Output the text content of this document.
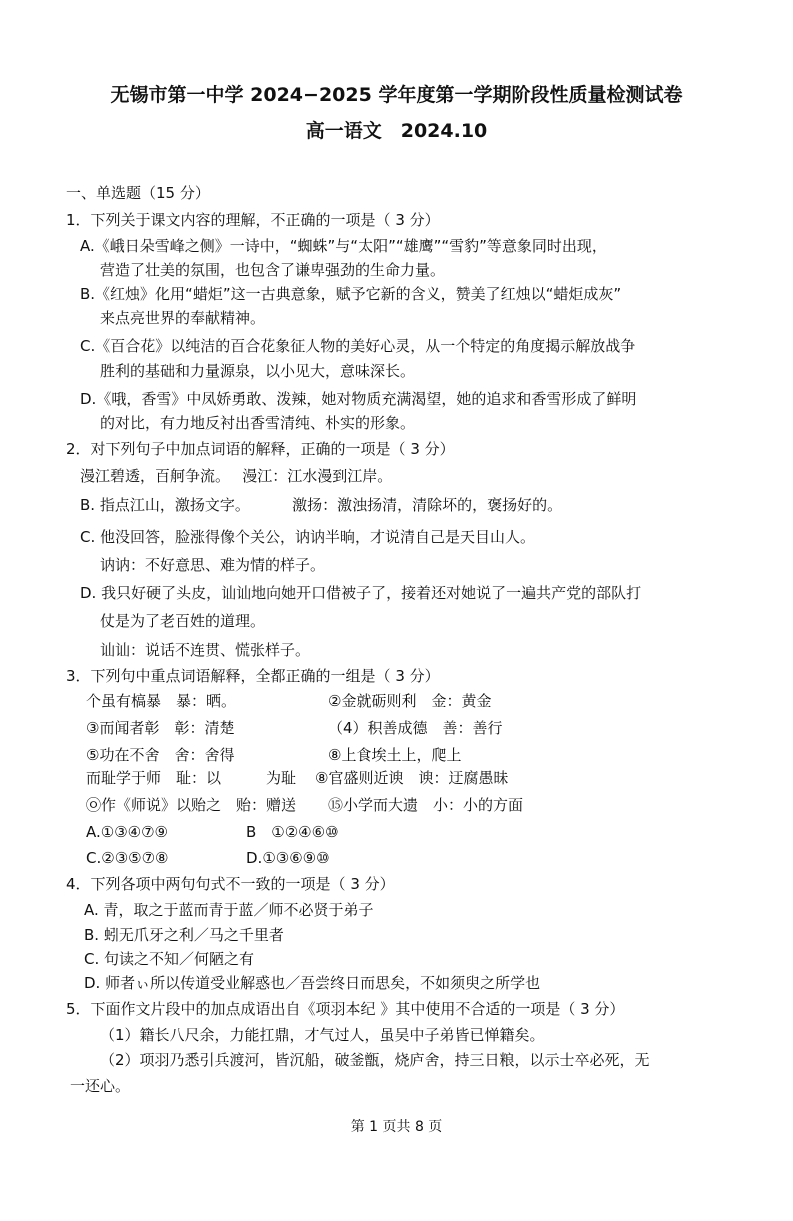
无锡市第一中学 2024−2025 学年度第一学期阶段性质量检测试卷
高一语文　2024.10
一、单选题（15 分）
1．下列关于课文内容的理解，不正确的一项是（ 3 分）
A.《峨日朵雪峰之侧》一诗中，“蜘蛛”与“太阳”“雄鹰”“雪豹”等意象同时出现，
营造了壮美的氛围，也包含了谦卑强劲的生命力量。
B.《红烛》化用“蜡炬”这一古典意象，赋予它新的含义，赞美了红烛以“蜡炬成灰”
来点亮世界的奉献精神。
C.《百合花》以纯洁的百合花象征人物的美好心灵，从一个特定的角度揭示解放战争
胜利的基础和力量源泉，以小见大，意味深长。
D.《哦，香雪》中凤娇勇敢、泼辣，她对物质充满渴望，她的追求和香雪形成了鲜明
的对比，有力地反衬出香雪清纯、朴实的形象。
2．对下列句子中加点词语的解释，正确的一项是（ 3 分）
漫江碧透，百舸争流。　 漫江：江水漫到江岸。
B. 指点江山，激扬文字。　　　 激扬：激浊扬清，清除坏的，褒扬好的。
C. 他没回答，脸涨得像个关公，讷讷半晌，才说清自己是天目山人。
讷讷：不好意思、难为情的样子。
D. 我只好硬了头皮，讪讪地向她开口借被子了，接着还对她说了一遍共产党的部队打
仗是为了老百姓的道理。
讪讪：说话不连贯、慌张样子。
3．下列句中重点词语解释，全都正确的一组是（ 3 分）
个虽有槁暴　暴：晒。	②金就砺则利　金：黄金
③而闻者彰　彰：清楚	（4）积善成德　善：善行
⑤功在不舍　舍：舍得	⑧上食埃土上，爬上
而耻学于师　耻：以　　　为耻 ⑧官盛则近谀　谀：迂腐愚昧
㉧作《师说》以贻之　贻：赠送 ⑮小学而大遗　小：小的方面
A.①③④⑦⑨	B　①②④⑥⑩
C.②③⑤⑦⑧	D.①③⑥⑨⑩
4．下列各项中两句句式不一致的一项是（ 3 分）
A. 青，取之于蓝而青于蓝／师不必贤于弟子
B. 蚓无爪牙之利／马之千里者
C. 句读之不知／何陋之有
D. 师者ぃ所以传道受业解惑也／吾尝终日而思矣，不如须臾之所学也
5．下面作文片段中的加点成语出自《项羽本纪 》其中使用不合适的一项是（ 3 分）
（1）籍长八尺余，力能扛鼎，才气过人，虽吴中子弟皆已惮籍矣。
（2）项羽乃悉引兵渡河，皆沉船，破釜甑，烧庐舍，持三日粮，以示士卒必死，无
一还心。
第 1 页共 8 页
